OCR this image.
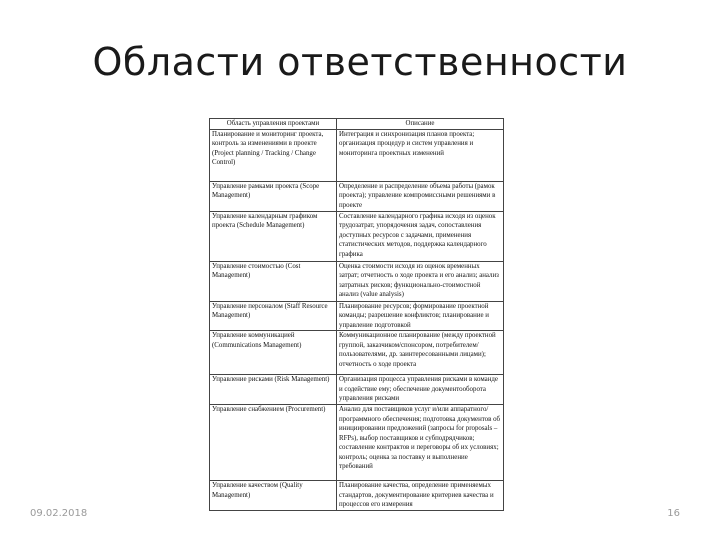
Области ответственности
Область управления проектами	Описание
Планирование и мониторинг проекта, контроль за изменениями в проекте (Project planning / Tracking / Change Control)	Интеграция и синхронизация планов проекта; организация процедур и систем управления и мониторинга проектных изменений
Управление рамками проекта (Scope Management)	Определение и распределение объема работы (рамок проекта); управление компромиссными решениями в проекте
Управление календарным графиком проекта (Schedule Management)	Составление календарного графика исходя из оценок трудозатрат, упорядочения задач, сопоставления доступных ресурсов с задачами, применения статистических методов, поддержка календарного графика
Управление стоимостью (Cost Management)	Оценка стоимости исходя из оценок временных затрат; отчетность о ходе проекта и его анализ; анализ затратных рисков; функционально-стоимостной анализ (value analysis)
Управление персоналом (Staff Resource Management)	Планирование ресурсов; формирование проектной команды; разрешение конфликтов; планирование и управление подготовкой
Управление коммуникацией (Communications Management)	Коммуникационное планирование (между проектной группой, заказчиком/спонсором, потребителем/пользователями, др. заинтересованными лицами); отчетность о ходе проекта
Управление рисками (Risk Management)	Организация процесса управления рисками в команде и содействие ему; обеспечение документооборота управления рисками
Управление снабжением (Procurement)	Анализ для поставщиков услуг и/или аппаратного/программного обеспечения; подготовка документов об инициировании предложений (запросы for proposals – RFPs), выбор поставщиков и субподрядчиков; составление контрактов и переговоры об их условиях; контроль; оценка за поставку и выполнение требований
Управление качеством (Quality Management)	Планирование качества, определение применяемых стандартов, документирование критериев качества и процессов его измерения
09.02.2018	16
